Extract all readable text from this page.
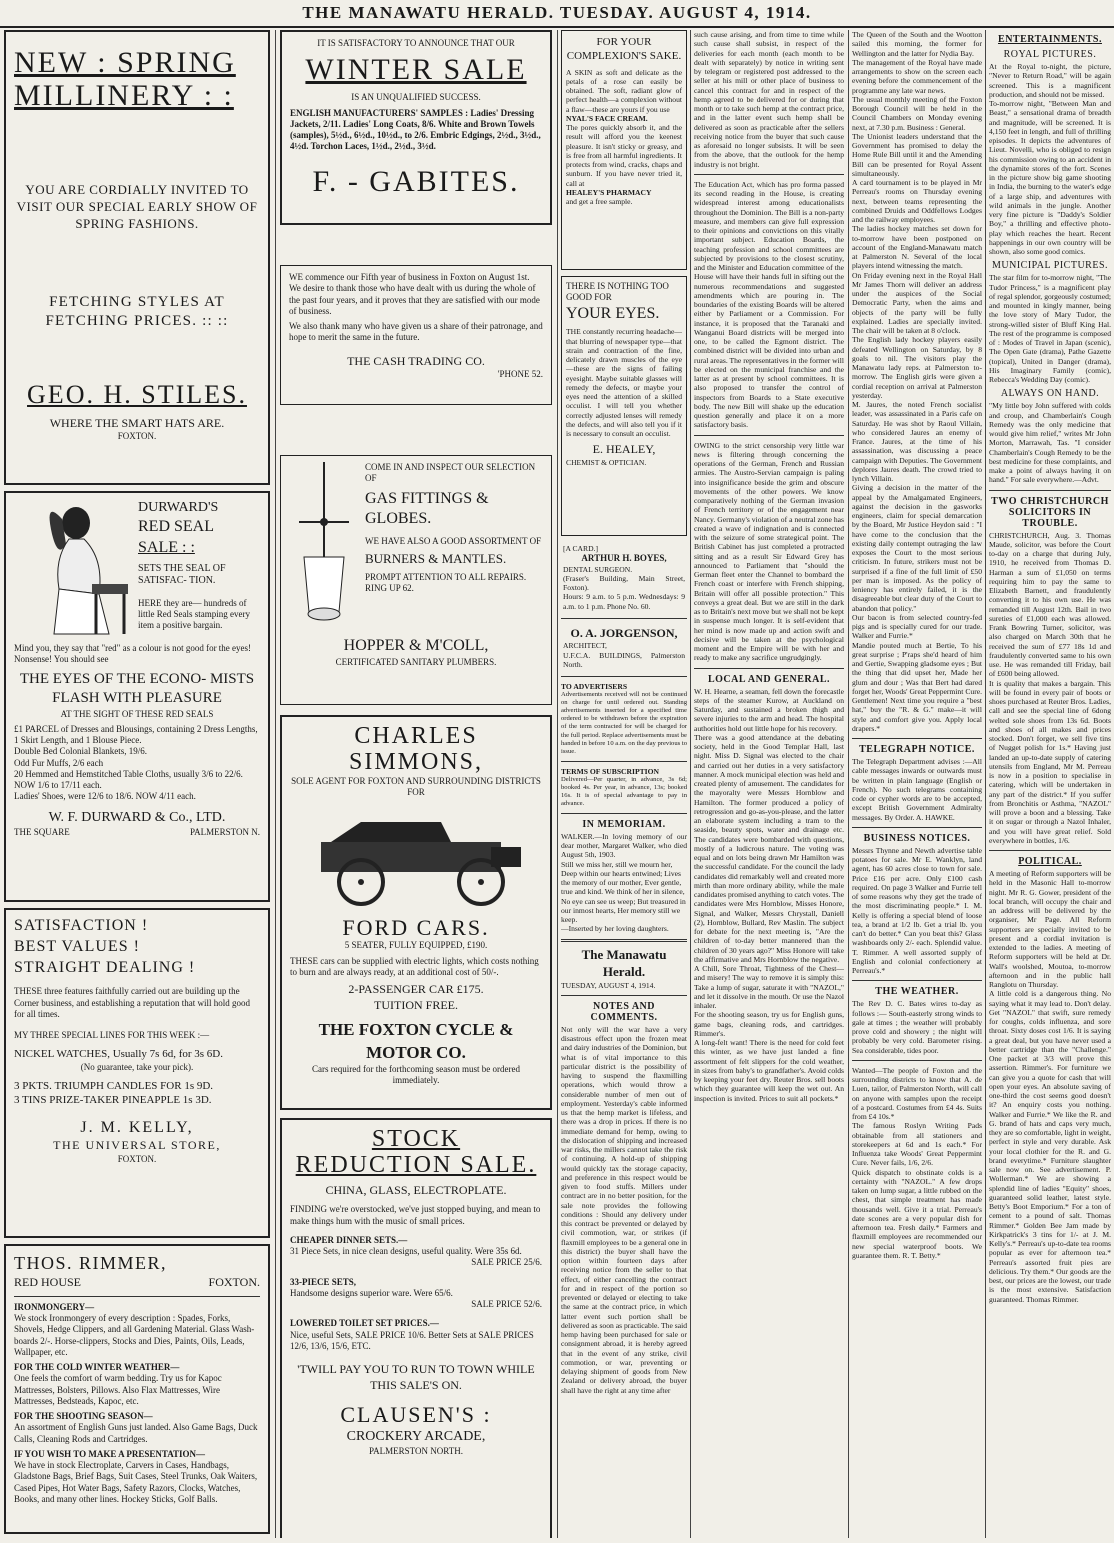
THE MANAWATU HERALD. TUESDAY. AUGUST 4, 1914.
NEW : SPRING
MILLINERY : :
YOU ARE CORDIALLY INVITED TO VISIT OUR SPECIAL EARLY SHOW OF SPRING FASHIONS.
FETCHING STYLES AT FETCHING PRICES. :: ::
GEO. H. STILES.
WHERE THE SMART HATS ARE.
FOXTON.
DURWARD'S
RED SEAL
SALE : :
SETS THE SEAL OF SATISFAC- TION.
HERE they are— hundreds of little Red Seals stamping every item a positive bargain.
Mind you, they say that "red" as a colour is not good for the eyes! Nonsense! You should see
THE EYES OF THE ECONO- MISTS FLASH WITH PLEASURE
AT THE SIGHT OF THESE RED SEALS
£1 PARCEL of Dresses and Blousings, containing 2 Dress Lengths, 1 Skirt Length, and 1 Blouse Piece.
Double Bed Colonial Blankets, 19/6.
Odd Fur Muffs, 2/6 each
20 Hemmed and Hemstitched Table Cloths, usually 3/6 to 22/6. NOW 1/6 to 17/11 each.
Ladies' Shoes, were 12/6 to 18/6. NOW 4/11 each.
W. F. DURWARD & Co., LTD.
THE SQUARE	PALMERSTON N.
SATISFACTION !
BEST VALUES !
STRAIGHT DEALING !
THESE three features faithfully carried out are building up the Corner business, and establishing a reputation that will hold good for all times.
MY THREE SPECIAL LINES FOR THIS WEEK :—
NICKEL WATCHES, Usually 7s 6d, for 3s 6D.
(No guarantee, take your pick).
3 PKTS. TRIUMPH CANDLES FOR 1s 9D.
3 TINS PRIZE-TAKER PINEAPPLE 1s 3D.
J. M. KELLY,
THE UNIVERSAL STORE,
FOXTON.
THOS. RIMMER,
RED HOUSE	FOXTON.
IRONMONGERY—
We stock Ironmongery of every description : Spades, Forks, Shovels, Hedge Clippers, and all Gardening Material. Glass Wash-boards 2/-. Horse-clippers, Stocks and Dies, Paints, Oils, Leads, Wallpaper, etc.
FOR THE COLD WINTER WEATHER—
One feels the comfort of warm bedding. Try us for Kapoc Mattresses, Bolsters, Pillows. Also Flax Mattresses, Wire Mattresses, Bedsteads, Kapoc, etc.
FOR THE SHOOTING SEASON—
An assortment of English Guns just landed. Also Game Bags, Duck Calls, Cleaning Rods and Cartridges.
IF YOU WISH TO MAKE A PRESENTATION—
We have in stock Electroplate, Carvers in Cases, Handbags, Gladstone Bags, Brief Bags, Suit Cases, Steel Trunks, Oak Waiters, Cased Pipes, Hot Water Bags, Safety Razors, Clocks, Watches, Books, and many other lines. Hockey Sticks, Golf Balls.
IT IS SATISFACTORY TO ANNOUNCE THAT OUR
WINTER SALE
IS AN UNQUALIFIED SUCCESS.
ENGLISH MANUFACTURERS' SAMPLES : Ladies' Dressing Jackets, 2/11. Ladies' Long Coats, 8/6. White and Brown Towels (samples), 5½d., 6½d., 10½d., to 2/6. Embric Edgings, 2½d., 3½d., 4½d. Torchon Laces, 1½d., 2½d., 3½d.
F. - GABITES.
WE commence our Fifth year of business in Foxton on August 1st. We desire to thank those who have dealt with us during the whole of the past four years, and it proves that they are satisfied with our mode of business.
We also thank many who have given us a share of their patronage, and hope to merit the same in the future.
THE CASH TRADING CO.
'PHONE 52.
COME IN AND INSPECT OUR SELECTION OF
GAS FITTINGS & GLOBES.
WE HAVE ALSO A GOOD ASSORTMENT OF
BURNERS & MANTLES.
PROMPT ATTENTION TO ALL REPAIRS.
RING UP 62.
HOPPER & M'COLL,
CERTIFICATED SANITARY PLUMBERS.
CHARLES SIMMONS,
SOLE AGENT FOR FOXTON AND SURROUNDING DISTRICTS FOR
FORD CARS.
5 SEATER, FULLY EQUIPPED, £190.
THESE cars can be supplied with electric lights, which costs nothing to burn and are always ready, at an additional cost of 50/-.
2-PASSENGER CAR £175.
TUITION FREE.
THE FOXTON CYCLE & MOTOR CO.
Cars required for the forthcoming season must be ordered immediately.
STOCK REDUCTION SALE.
CHINA, GLASS, ELECTROPLATE.
FINDING we're overstocked, we've just stopped buying, and mean to make things hum with the music of small prices.
CHEAPER DINNER SETS.—
31 Piece Sets, in nice clean designs, useful quality. Were 35s 6d.
SALE PRICE 25/6.
33-PIECE SETS,
Handsome designs superior ware. Were 65/6.
SALE PRICE 52/6.
LOWERED TOILET SET PRICES.—
Nice, useful Sets, SALE PRICE 10/6. Better Sets at SALE PRICES 12/6, 13/6, 15/6, ETC.
'TWILL PAY YOU TO RUN TO TOWN WHILE THIS SALE'S ON.
CLAUSEN'S :
CROCKERY ARCADE,
PALMERSTON NORTH.
FOR YOUR COMPLEXION'S SAKE.
A SKIN as soft and delicate as the petals of a rose can easily be obtained. The soft, radiant glow of perfect health—a complexion without a flaw—these are yours if you use
NYAL'S FACE CREAM.
The pores quickly absorb it, and the result will afford you the keenest pleasure. It isn't sticky or greasy, and is free from all harmful ingredients. It protects from wind, cracks, chaps and sunburn. If you have never tried it, call at
HEALEY'S PHARMACY
and get a free sample.
THERE IS NOTHING TOO GOOD FOR
YOUR EYES.
THE constantly recurring headache—that blurring of newspaper type—that strain and contraction of the fine, delicately drawn muscles of the eye—these are the signs of failing eyesight. Maybe suitable glasses will remedy the defects, or maybe your eyes need the attention of a skilled occulist. I will tell you whether correctly adjusted lenses will remedy the defects, and will also tell you if it is necessary to consult an occulist.
E. HEALEY,
CHEMIST & OPTICIAN.
[A CARD.]
ARTHUR H. BOYES,
DENTAL SURGEON.
(Fraser's Building, Main Street, Foxton).
Hours: 9 a.m. to 5 p.m. Wednesdays: 9 a.m. to 1 p.m. Phone No. 60.
O. A. JORGENSON,
ARCHITECT,
U.F.C.A. BUILDINGS, Palmerston North.
TO ADVERTISERS
Advertisements received will not be continued on charge for until ordered out. Standing advertisements inserted for a specified time ordered to be withdrawn before the expiration of the term contracted for will be charged for the full period. Replace advertisements must be handed in before 10 a.m. on the day previous to issue.
TERMS OF SUBSCRIPTION
Delivered—Per quarter, in advance, 3s 6d; booked 4s. Per year, in advance, 13s; booked 16s. It is of special advantage to pay in advance.
IN MEMORIAM.
WALKER.—In loving memory of our dear mother, Margaret Walker, who died August 5th, 1903.
Still we miss her, still we mourn her, Deep within our hearts entwined; Lives the memory of our mother, Ever gentle, true and kind. We think of her in silence, No eye can see us weep; But treasured in our inmost hearts, Her memory still we keep.
—Inserted by her loving daughters.
The Manawatu Herald.
TUESDAY, AUGUST 4, 1914.
NOTES AND COMMENTS.
Not only will the war have a very disastrous effect upon the frozen meat and dairy industries of the Dominion, but what is of vital importance to this particular district is the possibility of having to suspend the flaxmilling operations, which would throw a considerable number of men out of employment. Yesterday's cable informed us that the hemp market is lifeless, and there was a drop in prices. If there is no immediate demand for hemp, owing to the dislocation of shipping and increased war risks, the millers cannot take the risk of continuing. A hold-up of shipping would quickly tax the storage capacity, and preference in this respect would be given to food stuffs. Millers under contract are in no better position, for the sale note provides the following conditions : Should any delivery under this contract be prevented or delayed by civil commotion, war, or strikes (if flaxmill employees to be a general one in this district) the buyer shall have the option within fourteen days after receiving notice from the seller to that effect, of either cancelling the contract for and in respect of the portion so prevented or delayed or electing to take the same at the contract price, in which latter event such portion shall be delivered as soon as practicable. The said hemp having been purchased for sale or consignment abroad, it is hereby agreed that in the event of any strike, civil commotion, or war, preventing or delaying shipment of goods from New Zealand or delivery abroad, the buyer shall have the right at any time after
such cause arising, and from time to time while such cause shall subsist, in respect of the deliveries for each month (each month to be dealt with separately) by notice in writing sent by telegram or registered post addressed to the seller at his mill or other place of business to cancel this contract for and in respect of the hemp agreed to be delivered for or during that month or to take such hemp at the contract price, and in the latter event such hemp shall be delivered as soon as practicable after the sellers receiving notice from the buyer that such cause as aforesaid no longer subsists. It will be seen from the above, that the outlook for the hemp industry is not bright.
The Education Act, which has pro forma passed its second reading in the House, is creating widespread interest among educationalists throughout the Dominion. The Bill is a non-party measure, and members can give full expression to their opinions and convictions on this vitally important subject. Education Boards, the teaching profession and school committees are subjected by provisions to the closest scrutiny, and the Minister and Education committee of the House will have their hands full in sifting out the numerous recommendations and suggested amendments which are pouring in. The boundaries of the existing Boards will be altered either by Parliament or a Commission. For instance, it is proposed that the Taranaki and Wanganui Board districts will be merged into one, to be called the Egmont district. The combined district will be divided into urban and rural areas. The representatives in the former will be elected on the municipal franchise and the latter as at present by school committees. It is also proposed to transfer the control of inspectors from Boards to a State executive body. The new Bill will shake up the education question generally and place it on a more satisfactory basis.
OWING to the strict censorship very little war news is filtering through concerning the operations of the German, French and Russian armies. The Austro-Servian campaign is paling into insignificance beside the grim and obscure movements of the other powers. We know comparatively nothing of the German invasion of French territory or of the engagement near Nancy. Germany's violation of a neutral zone has created a wave of indignation and is connected with the seizure of some strategical point. The British Cabinet has just completed a protracted sitting and as a result Sir Edward Grey has announced to Parliament that "should the German fleet enter the Channel to bombard the French coast or interfere with French shipping, Britain will offer all possible protection." This conveys a great deal. But we are still in the dark as to Britain's next move but we shall not be kept in suspense much longer. It is self-evident that her mind is now made up and action swift and decisive will be taken at the psychological moment and the Empire will be with her and ready to make any sacrifice ungrudgingly.
LOCAL AND GENERAL.
W. H. Hearne, a seaman, fell down the forecastle steps of the steamer Kurow, at Auckland on Saturday, and sustained a broken thigh and severe injuries to the arm and head. The hospital authorities hold out little hope for his recovery.
There was a good attendance at the debating society, held in the Good Templar Hall, last night. Miss D. Signal was elected to the chair and carried out her duties in a very satisfactory manner. A mock municipal election was held and created plenty of amusement. The candidates for the mayoralty were Messrs Hornblow and Hamilton. The former produced a policy of retrogression and go-as-you-please, and the latter an elaborate system including a tram to the seaside, beauty spots, water and drainage etc. The candidates were bombarded with questions, mostly of a ludicrous nature. The voting was equal and on lots being drawn Mr Hamilton was the successful candidate. For the council the lady candidates did remarkably well and created more mirth than more ordinary ability, while the male candidates promised anything to catch votes. The candidates were Mrs Hornblow, Misses Honore, Signal, and Walker, Messrs Chrystall, Daniell (2), Hornblow, Bullard, Rev Maslin. The subject for debate for the next meeting is, "Are the children of to-day better mannered than the children of 30 years ago?" Miss Honore will take the affirmative and Mrs Hornblow the negative.
A Chill, Sore Throat, Tightness of the Chest—and misery! The way to remove it is simply this: Take a lump of sugar, saturate it with "NAZOL," and let it dissolve in the mouth. Or use the Nazol inhaler.
For the shooting season, try us for English guns, game bags, cleaning rods, and cartridges. Rimmer's.
A long-felt want! There is the need for cold feet this winter, as we have just landed a fine assortment of felt slippers for the cold weather, in sizes from baby's to grandfather's. Avoid colds by keeping your feet dry. Reuter Bros. sell boots which they guarantee will keep the wet out. An inspection is invited. Prices to suit all pockets.*
The Queen of the South and the Wootton sailed this morning, the former for Wellington and the latter for Nydia Bay.
The management of the Royal have made arrangements to show on the screen each evening before the commencement of the programme any late war news.
The usual monthly meeting of the Foxton Borough Council will be held in the Council Chambers on Monday evening next, at 7.30 p.m. Business : General.
The Unionist leaders understand that the Government has promised to delay the Home Rule Bill until it and the Amending Bill can be presented for Royal Assent simultaneously.
A card tournament is to be played in Mr Perreau's rooms on Thursday evening next, between teams representing the combined Druids and Oddfellows Lodges and the railway employees.
The ladies hockey matches set down for to-morrow have been postponed on account of the England-Manawatu match at Palmerston N. Several of the local players intend witnessing the match.
On Friday evening next in the Royal Hall Mr James Thorn will deliver an address under the auspices of the Social Democratic Party, when the aims and objects of the party will be fully explained. Ladies are specially invited. The chair will be taken at 8 o'clock.
The English lady hockey players easily defeated Wellington on Saturday, by 8 goals to nil. The visitors play the Manawatu lady reps. at Palmerston to-morrow. The English girls were given a cordial reception on arrival at Palmerston yesterday.
M. Jaures, the noted French socialist leader, was assassinated in a Paris cafe on Saturday. He was shot by Raoul Villain, who considered Jaures an enemy of France. Jaures, at the time of his assassination, was discussing a peace campaign with Deputies. The Government deplores Jaures death. The crowd tried to lynch Villain.
Giving a decision in the matter of the appeal by the Amalgamated Engineers, against the decision in the gasworks engineers, claim for special demarcation by the Board, Mr Justice Heydon said : "I have come to the conclusion that the existing daily contempt outraging the law exposes the Court to the most serious criticism. In future, strikers must not be surprised if a fine of the full limit of £50 per man is imposed. As the policy of leniency has entirely failed, it is the disagreeable but clear duty of the Court to abandon that policy."
Our bacon is from selected country-fed pigs and is specially cured for our trade. Walker and Furrie.*
Mandie pouted much at Bertie, To his great surprise ; P'raps she'd heard of him and Gertie, Swapping gladsome eyes ; But the thing that did upset her, Made her glum and dour ; Was that Bert had dared forget her, Woods' Great Peppermint Cure. Gentlemen! Next time you require a "best hat," buy the "R. & G." make—it will style and comfort give you. Apply local drapers.*
TELEGRAPH NOTICE.
The Telegraph Department advises :—All cable messages inwards or outwards must be written in plain language (English or French). No such telegrams containing code or cypher words are to be accepted, except British Government Admiralty messages. By Order. A. HAWKE.
BUSINESS NOTICES.
Messrs Thynne and Newth advertise table potatoes for sale. Mr E. Wanklyn, land agent, has 60 acres close to town for sale. Price £16 per acre. Only £100 cash required. On page 3 Walker and Furrie tell of some reasons why they get the trade of the most discriminating people.* I. M. Kelly is offering a special blend of loose tea, a brand at 1/2 lb. Get a trial lb. you can't do better.* Can you beat this? Glass washboards only 2/- each. Splendid value. T. Rimmer. A well assorted supply of English and colonial confectionery at Perreau's.*
THE WEATHER.
The Rev D. C. Bates wires to-day as follows :— South-easterly strong winds to gale at times ; the weather will probably prove cold and showery ; the night will probably be very cold. Barometer rising. Sea considerable, tides poor.
Wanted—The people of Foxton and the surrounding districts to know that A. de Luen, tailor, of Palmerston North, will call on anyone with samples upon the receipt of a postcard. Costumes from £4 4s. Suits from £4 10s.*
The famous Roslyn Writing Pads obtainable from all stationers and storekeepers at 6d and 1s each.* For Influenza take Woods' Great Peppermint Cure. Never fails, 1/6, 2/6.
Quick dispatch to obstinate colds is a certainty with "NAZOL." A few drops taken on lump sugar, a little rubbed on the chest, that simple treatment has made thousands well. Give it a trial. Perreau's date scones are a very popular dish for afternoon tea. Fresh daily.* Farmers and flaxmill employees are recommended our new special waterproof boots. We guarantee them. R. T. Betty.*
ENTERTAINMENTS.
ROYAL PICTURES.
At the Royal to-night, the picture, "Never to Return Road," will be again screened. This is a magnificent production, and should not be missed.
To-morrow night, "Between Man and Beast," a sensational drama of breadth and magnitude, will be screened. It is 4,150 feet in length, and full of thrilling episodes. It depicts the adventures of Lieut. Novelli, who is obliged to resign his commission owing to an accident in the dynamite stores of the fort. Scenes in the picture show big game shooting in India, the burning to the water's edge of a large ship, and adventures with wild animals in the jungle. Another very fine picture is "Daddy's Soldier Boy," a thrilling and effective photo-play which reaches the heart. Recent happenings in our own country will be shown, also some good comics.
MUNICIPAL PICTURES.
The star film for to-morrow night, "The Tudor Princess," is a magnificent play of regal splendor, gorgeously costumed; and mounted in kingly manner, being the love story of Mary Tudor, the strong-willed sister of Bluff King Hal. The rest of the programme is composed of : Modes of Travel in Japan (scenic), The Open Gate (drama), Pathe Gazette (topical), United in Danger (drama), His Imaginary Family (comic), Rebecca's Wedding Day (comic).
ALWAYS ON HAND.
"My little boy John suffered with colds and croup, and Chamberlain's Cough Remedy was the only medicine that would give him relief," writes Mr John Morton, Marrawah, Tas. "I consider Chamberlain's Cough Remedy to be the best medicine for these complaints, and make a point of always having it on hand." For sale everywhere.—Advt.
TWO CHRISTCHURCH SOLICITORS IN TROUBLE.
CHRISTCHURCH, Aug. 3. Thomas Maude, solicitor, was before the Court to-day on a charge that during July, 1910, he received from Thomas D. Harman a sum of £1,050 on terms requiring him to pay the same to Elizabeth Barnett, and fraudulently converting it to his own use. He was remanded till August 12th. Bail in two sureties of £1,000 each was allowed. Frank Bowring Turner, solicitor, was also charged on March 30th that he received the sum of £77 18s 1d and fraudulently converted same to his own use. He was remanded till Friday, bail of £600 being allowed.
It is quality that makes a bargain. This will be found in every pair of boots or shoes purchased at Reuter Bros. Ladies, call and see the special line of 6dong welted sole shoes from 13s 6d. Boots and shoes of all makes and prices stocked. Don't forget, we sell five tins of Nugget polish for 1s.* Having just landed an up-to-date supply of catering utensils from England, Mr M. Perreau is now in a position to specialise in catering, which will be undertaken in any part of the district.* If you suffer from Bronchitis or Asthma, "NAZOL" will prove a boon and a blessing. Take it on sugar or through a Nazol Inhaler, and you will have great relief. Sold everywhere in bottles, 1/6.
POLITICAL.
A meeting of Reform supporters will be held in the Masonic Hall to-morrow night. Mr R. G. Gower, president of the local branch, will occupy the chair and an address will be delivered by the organiser, Mr Page. All Reform supporters are specially invited to be present and a cordial invitation is extended to the ladies. A meeting of Reform supporters will be held at Dr. Wall's woolshed, Moutoa, to-morrow afternoon and in the public hall Ranglotu on Thursday.
A little cold is a dangerous thing. No saying what it may lead to. Don't delay. Get "NAZOL" that swift, sure remedy for coughs, colds influenza, and sore throat. Sixty doses cost 1/6. It is saying a great deal, but you have never used a better cartridge than the "Challenge." One packet at 3/3 will prove this assertion. Rimmer's. For furniture we can give you a quote for cash that will open your eyes. An absolute saving of one-third the cost seems good doesn't it? An enquiry costs you nothing. Walker and Furrie.* We like the R. and G. brand of hats and caps very much, they are so comfortable, light in weight, perfect in style and very durable. Ask your local clothier for the R. and G. brand everytime.* Furniture slaughter sale now on. See advertisement. P. Wollerman.* We are showing a splendid line of ladies "Equity" shoes, guaranteed solid leather, latest style. Betty's Boot Emporium.* For a ton of cement to a pound of salt. Thomas Rimmer.* Golden Bee Jam made by Kirkpatrick's 3 tins for 1/- at J. M. Kelly's.* Perreau's up-to-date tea rooms popular as ever for afternoon tea.* Perreau's assorted fruit pies are delicious. Try them.* Our goods are the best, our prices are the lowest, our trade is the most extensive. Satisfaction guaranteed. Thomas Rimmer.
